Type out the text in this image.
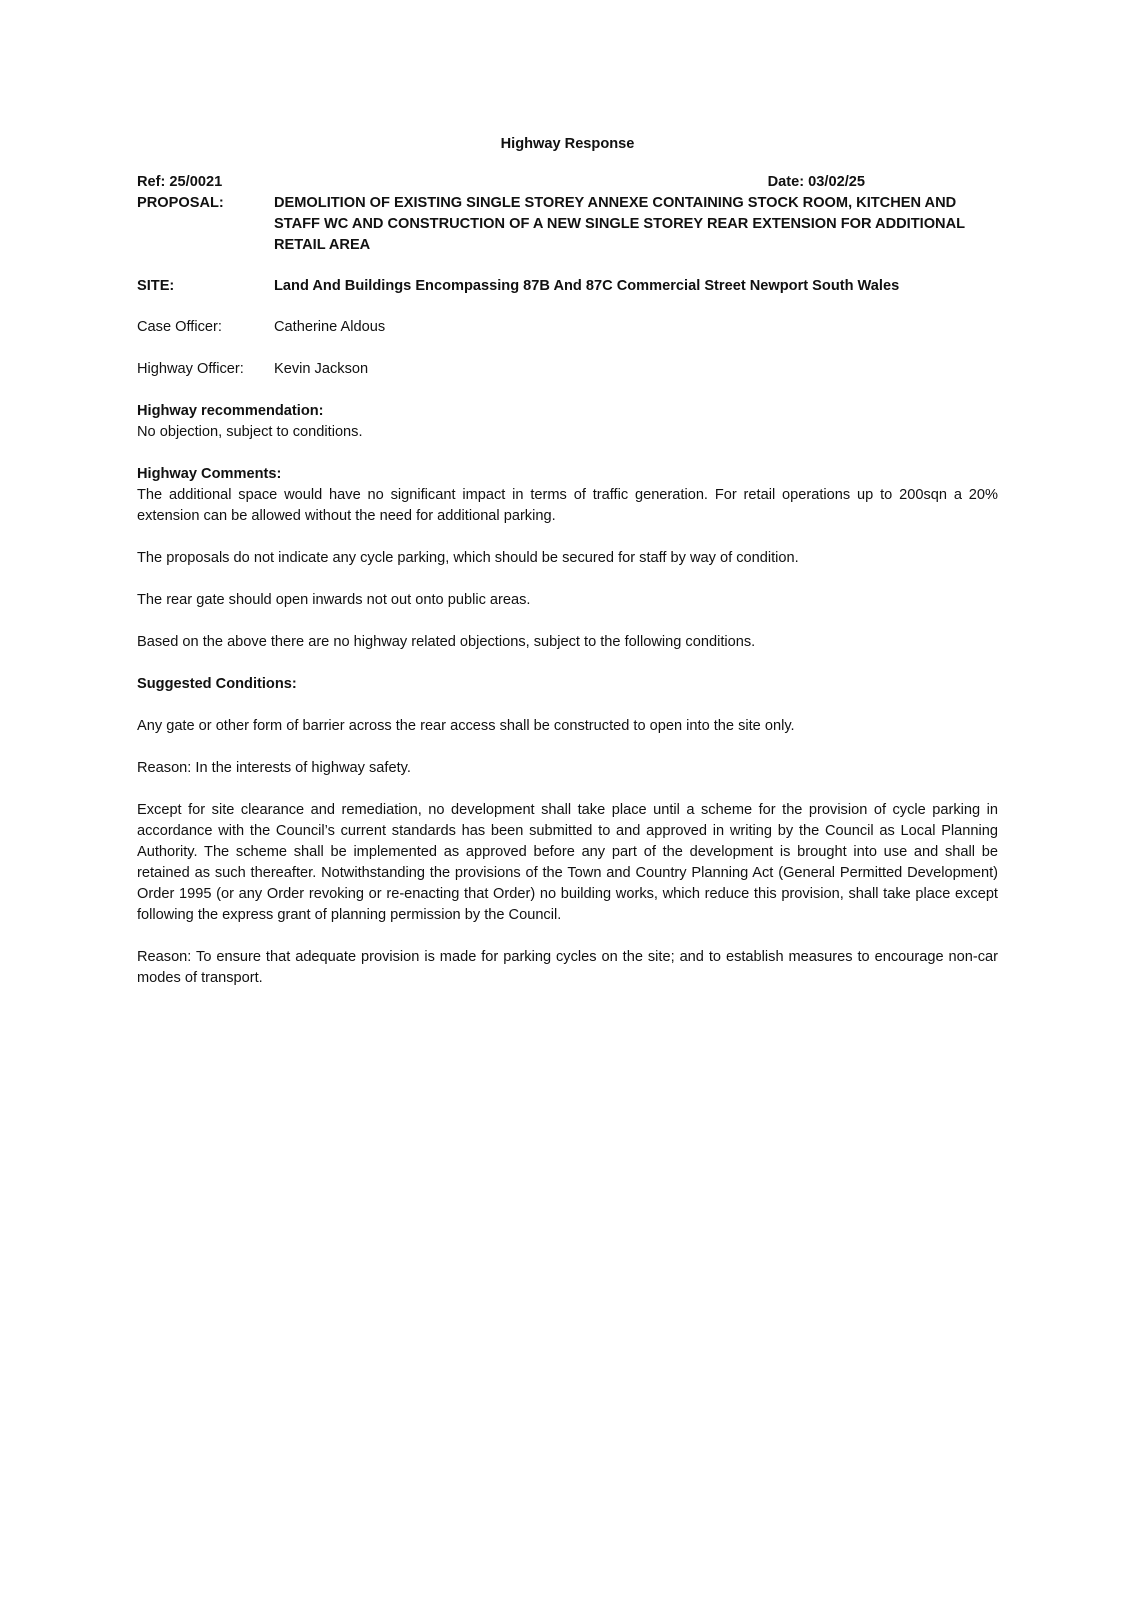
Highway Response
Ref: 25/0021	Date: 03/02/25
PROPOSAL:	DEMOLITION OF EXISTING SINGLE STOREY ANNEXE CONTAINING STOCK ROOM, KITCHEN AND STAFF WC AND CONSTRUCTION OF A NEW SINGLE STOREY REAR EXTENSION FOR ADDITIONAL RETAIL AREA
SITE:	Land And Buildings Encompassing 87B And 87C Commercial Street Newport South Wales
Case Officer:	Catherine Aldous
Highway Officer:	Kevin Jackson

Highway recommendation:

No objection, subject to conditions.

Highway Comments:

The additional space would have no significant impact in terms of traffic generation. For retail operations up to 200sqn a 20% extension can be allowed without the need for additional parking.

The proposals do not indicate any cycle parking, which should be secured for staff by way of condition.

The rear gate should open inwards not out onto public areas.

Based on the above there are no highway related objections, subject to the following conditions.

Suggested Conditions:

Any gate or other form of barrier across the rear access shall be constructed to open into the site only.

Reason: In the interests of highway safety.

Except for site clearance and remediation, no development shall take place until a scheme for the provision of cycle parking in accordance with the Council’s current standards has been submitted to and approved in writing by the Council as Local Planning Authority. The scheme shall be implemented as approved before any part of the development is brought into use and shall be retained as such thereafter. Notwithstanding the provisions of the Town and Country Planning Act (General Permitted Development) Order 1995 (or any Order revoking or re-enacting that Order) no building works, which reduce this provision, shall take place except following the express grant of planning permission by the Council.

Reason: To ensure that adequate provision is made for parking cycles on the site; and to establish measures to encourage non-car modes of transport.
